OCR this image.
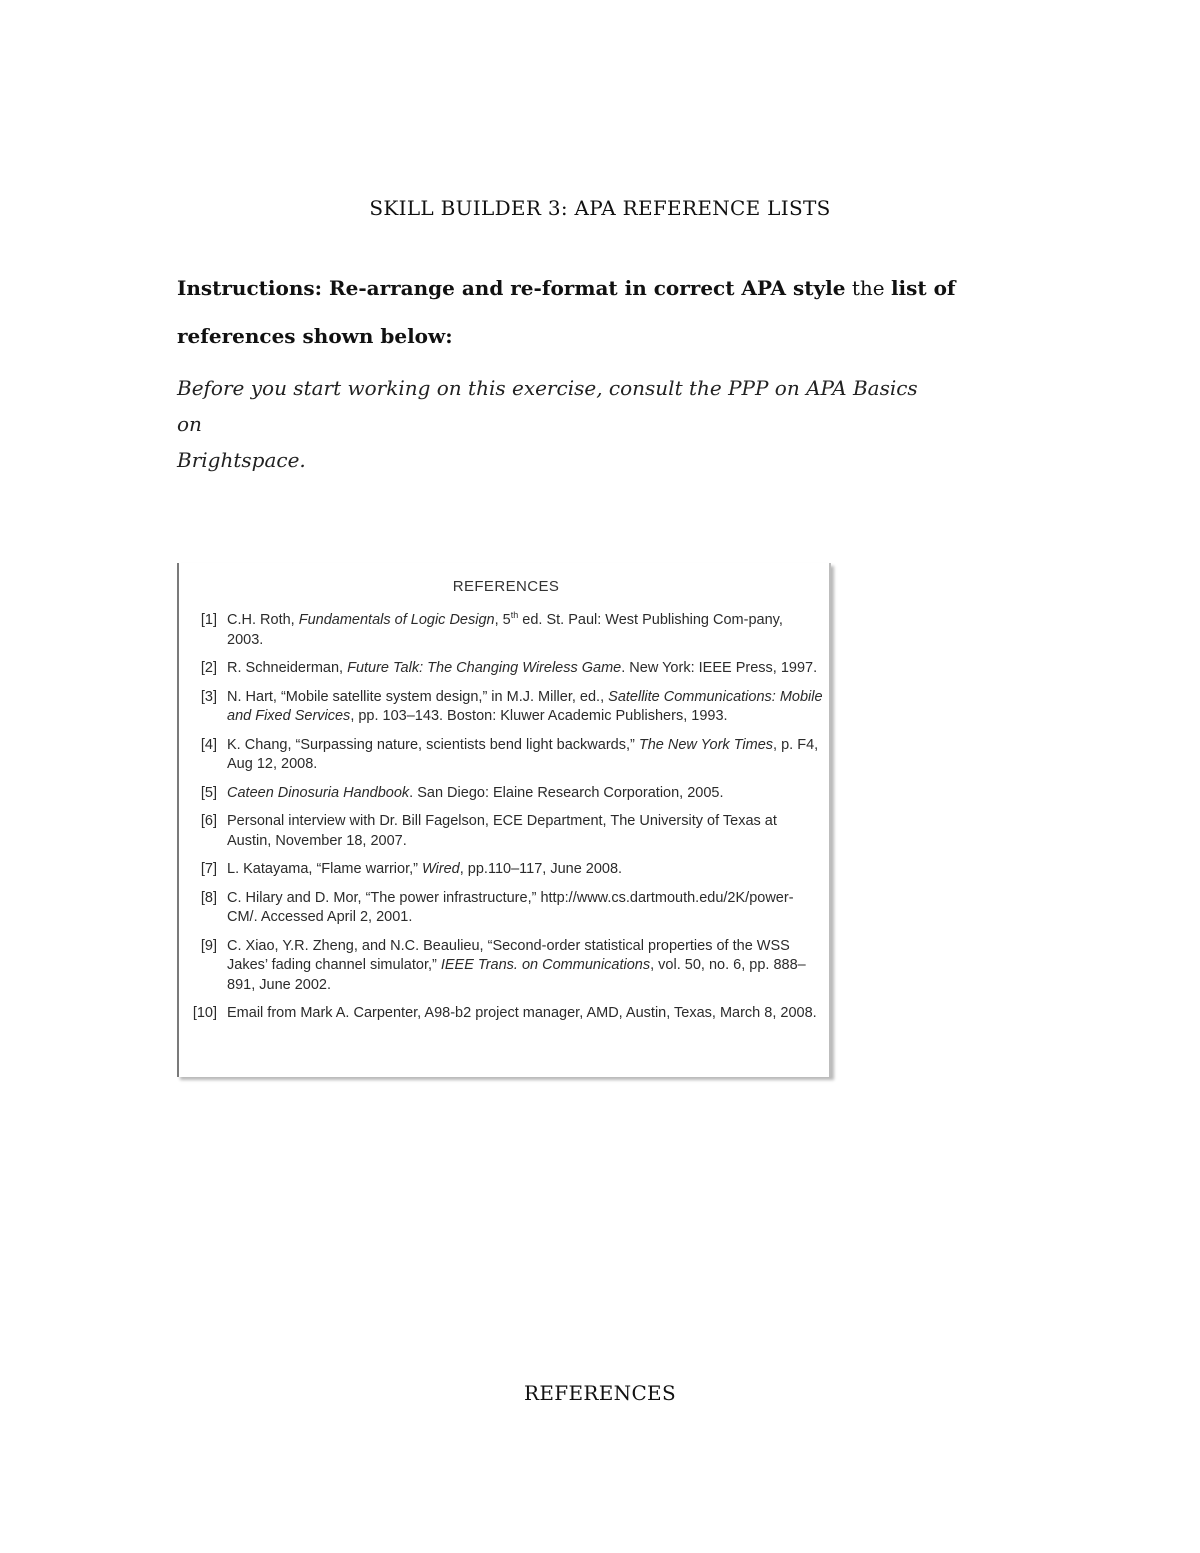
SKILL BUILDER 3: APA REFERENCE LISTS
Instructions: Re-arrange and re-format in correct APA style the list of references shown below:
Before you start working on this exercise, consult the PPP on APA Basics on
Brightspace.
REFERENCES
[1] C.H. Roth, Fundamentals of Logic Design, 5th ed. St. Paul: West Publishing Com-pany, 2003.
[2] R. Schneiderman, Future Talk: The Changing Wireless Game. New York: IEEE Press, 1997.
[3] N. Hart, “Mobile satellite system design,” in M.J. Miller, ed., Satellite Communications: Mobile and Fixed Services, pp. 103–143. Boston: Kluwer Academic Publishers, 1993.
[4] K. Chang, “Surpassing nature, scientists bend light backwards,” The New York Times, p. F4, Aug 12, 2008.
[5] Cateen Dinosuria Handbook. San Diego: Elaine Research Corporation, 2005.
[6] Personal interview with Dr. Bill Fagelson, ECE Department, The University of Texas at Austin, November 18, 2007.
[7] L. Katayama, “Flame warrior,” Wired, pp.110–117, June 2008.
[8] C. Hilary and D. Mor, “The power infrastructure,” http://www.cs.dartmouth.edu/2K/power-CM/. Accessed April 2, 2001.
[9] C. Xiao, Y.R. Zheng, and N.C. Beaulieu, “Second-order statistical properties of the WSS Jakes’ fading channel simulator,” IEEE Trans. on Communications, vol. 50, no. 6, pp. 888–891, June 2002.
[10] Email from Mark A. Carpenter, A98-b2 project manager, AMD, Austin, Texas, March 8, 2008.
REFERENCES
